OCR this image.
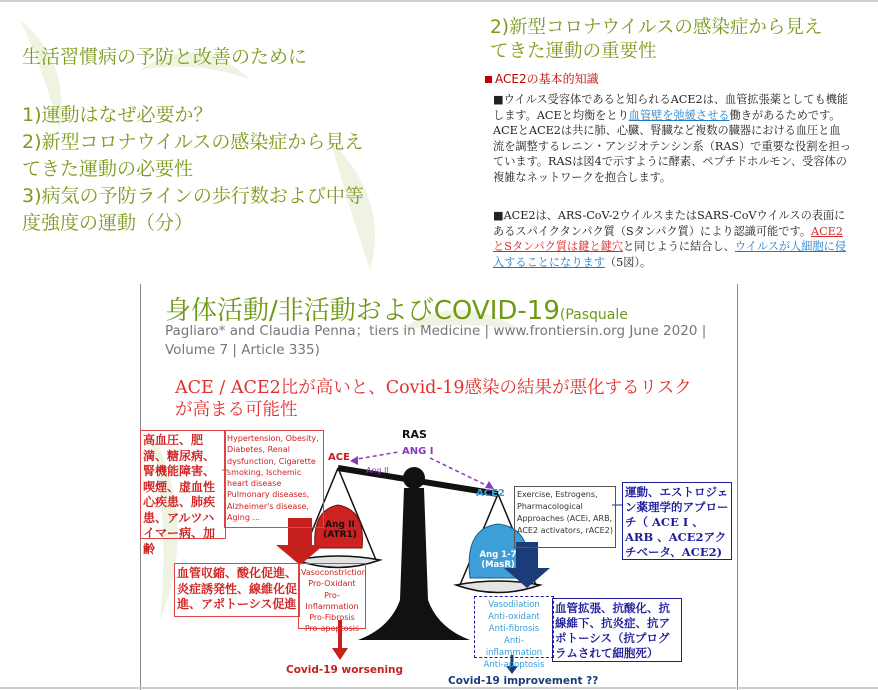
生活習慣病の予防と改善のために
1)運動はなぜ必要か？
2)新型コロナウイルスの感染症から見え
てきた運動の必要性
3)病気の予防ラインの歩行数および中等
度強度の運動（分）
2)新型コロナウイルスの感染症から見え
てきた運動の重要性
ACE2の基本的知識
■ウイルス受容体であると知られるACE2は、血管拡張薬としても機能します。ACEと均衡をとり血管壁を弛緩させる働きがあるためです。ACEとACE2は共に肺、心臓、腎臓など複数の臓器における血圧と血流を調整するレニン・アンジオテンシン系（RAS）で重要な役割を担っています。RASは図4で示すように酵素、ペプチドホルモン、受容体の複雑なネットワークを抱合します。
■ACE2は、ARS-CoV-2ウイルスまたはSARS-CoVウイルスの表面にあるスパイクタンパク質（Sタンパク質）により認識可能です。ACE2とSタンパク質は鍵と鍵穴と同じように結合し、ウイルスが人細胞に侵入することになります（5図）。
身体活動/非活動およびCOVID-19(Pasquale
Pagliaro* and Claudia Penna；tiers in Medicine | www.frontiersin.org June 2020 | Volume 7 | Article 335)
ACE / ACE2比が高いと、Covid-19感染の結果が悪化するリスクが高まる可能性
RAS
ACE
ANG I
Ang II
ACE2
Ang II
(ATR1)
Ang 1-7
(MasR)
高血圧、肥満、糖尿病、腎機能障害、喫煙、虚血性心疾患、肺疾患、アルツハイマー病、加齢
Hypertension, Obesity, Diabetes, Renal dysfunction, Cigarette smoking, Ischemic heart disease Pulmonary diseases, Alzheimer's disease, Aging ...
Exercise, Estrogens, Pharmacological Approaches (ACEi, ARB, ACE2 activators, rACE2) ...
運動、エストロジェン薬理学的アプローチ（ ACE Ⅰ 、ARB 、ACE2アクチベータ、ACE2)
血管収縮、酸化促進、炎症誘発性、線維化促進、アポトーシス促進
Vasoconstriction
Pro-Oxidant
Pro-Inflammation
Pro-Fibrosis
Pro-apoptosis
Vasodilation
Anti-oxidant
Anti-fibrosis
Anti-inflammation
Anti-apoptosis
血管拡張、抗酸化、抗線維下、抗炎症、抗アポトーシス（抗プログラムされて細胞死）
Covid-19 worsening
Covid-19 improvement ??
